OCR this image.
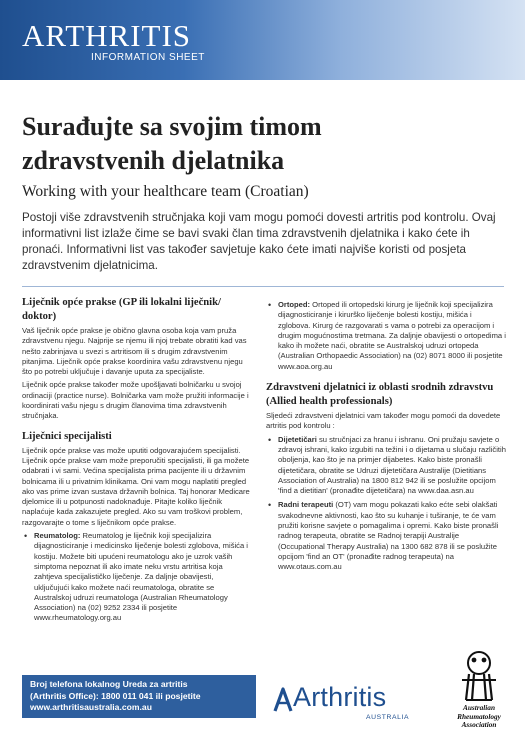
ARTHRITIS
INFORMATION SHEET
Surađujte sa svojim timom zdravstvenih djelatnika
Working with your healthcare team (Croatian)

Postoji više zdravstvenih stručnjaka koji vam mogu pomoći dovesti artritis pod kontrolu. Ovaj informativni list izlaže čime se bavi svaki član tima zdravstvenih djelatnika i kako ćete ih pronaći. Informativni list vas također savjetuje kako ćete imati najviše koristi od posjeta zdravstvenim djelatnicima.

Liječnik opće prakse (GP ili lokalni liječnik/ doktor)

Vaš liječnik opće prakse je obično glavna osoba koja vam pruža zdravstvenu njegu. Najprije se njemu ili njoj trebate obratiti kad vas nešto zabrinjava u svezi s artritisom ili s drugim zdravstvenim pitanjima. Liječnik opće prakse koordinira vašu zdravstvenu njegu što po potrebi uključuje i davanje uputa za specijaliste.

Liječnik opće prakse također može upošljavati bolničarku u svojoj ordinaciji (practice nurse). Bolničarka vam može pružiti informacije i koordinirati vašu njegu s drugim članovima tima zdravstvenih stručnjaka.

Liječnici specijalisti

Liječnik opće prakse vas može uputiti odgovarajućem specijalisti. Liječnik opće prakse vam može preporučiti specijalisti, ili ga možete odabrati i vi sami. Većina specijalista prima pacijente ili u državnim bolnicama ili u privatnim klinikama. Oni vam mogu naplatiti pregled ako vas prime izvan sustava državnih bolnica. Taj honorar Medicare djelomice ili u potpunosti nadoknađuje. Pitajte koliko liječnik naplaćuje kada zakazujete pregled. Ako su vam troškovi problem, razgovarajte o tome s liječnikom opće prakse.

• Reumatolog: Reumatolog je liječnik koji specijalizira dijagnosticiranje i medicinsko liječenje bolesti zglobova, mišića i kostiju. Možete biti upućeni reumatologu ako je uzrok vaših simptoma nepoznat ili ako imate neku vrstu artritisa koja zahtjeva specijalističko liječenje. Za daljnje obavijesti, uključujući kako možete naći reumatologa, obratite se Australskoj udruzi reumatologa (Australian Rheumatology Association) na (02) 9252 2334 ili posjetite www.rheumatology.org.au
• Ortoped: Ortoped ili ortopedski kirurg je liječnik koji specijalizira dijagnosticiranje i kirurško liječenje bolesti kostiju, mišića i zglobova. Kirurg će razgovarati s vama o potrebi za operacijom i drugim mogućnostima tretmana. Za daljnje obavijesti o ortopedima i kako ih možete naći, obratite se Australskoj udruzi ortopeda (Australian Orthopaedic Association) na (02) 8071 8000 ili posjetite www.aoa.org.au
Zdravstveni djelatnici iz oblasti srodnih zdravstvu (Allied health professionals)

Sljedeći zdravstveni djelatnici vam također mogu pomoći da dovedete artritis pod kontrolu :

• Dijetetičari su stručnjaci za hranu i ishranu. Oni pružaju savjete o zdravoj ishrani, kako izgubiti na težini i o dijetama u slučaju različitih oboljenja, kao što je na primjer dijabetes. Kako biste pronašli dijetetičara, obratite se Udruzi dijetetičara Australije (Dietitians Association of Australia) na 1800 812 942 ili se poslužite opcijom 'find a dietitian' (pronađite dijetetičara) na www.daa.asn.au
• Radni terapeuti (OT) vam mogu pokazati kako ećte sebi olakšati svakodnevne aktivnosti, kao što su kuhanje i tuširanje, te će vam pružiti korisne savjete o pomagalima i opremi. Kako biste pronašli radnog terapeuta, obratite se Radnoj terapiji Australije (Occupational Therapy Australia) na 1300 682 878 ili se poslužite opcijom 'find an OT' (pronađite radnog terapeuta) na www.otaus.com.au
Broj telefona lokalnog Ureda za artritis
(Arthritis Office): 1800 011 041 ili posjetite
www.arthritisaustralia.com.au	Arthritis
AUSTRALIA
Australian Rheumatology Association
